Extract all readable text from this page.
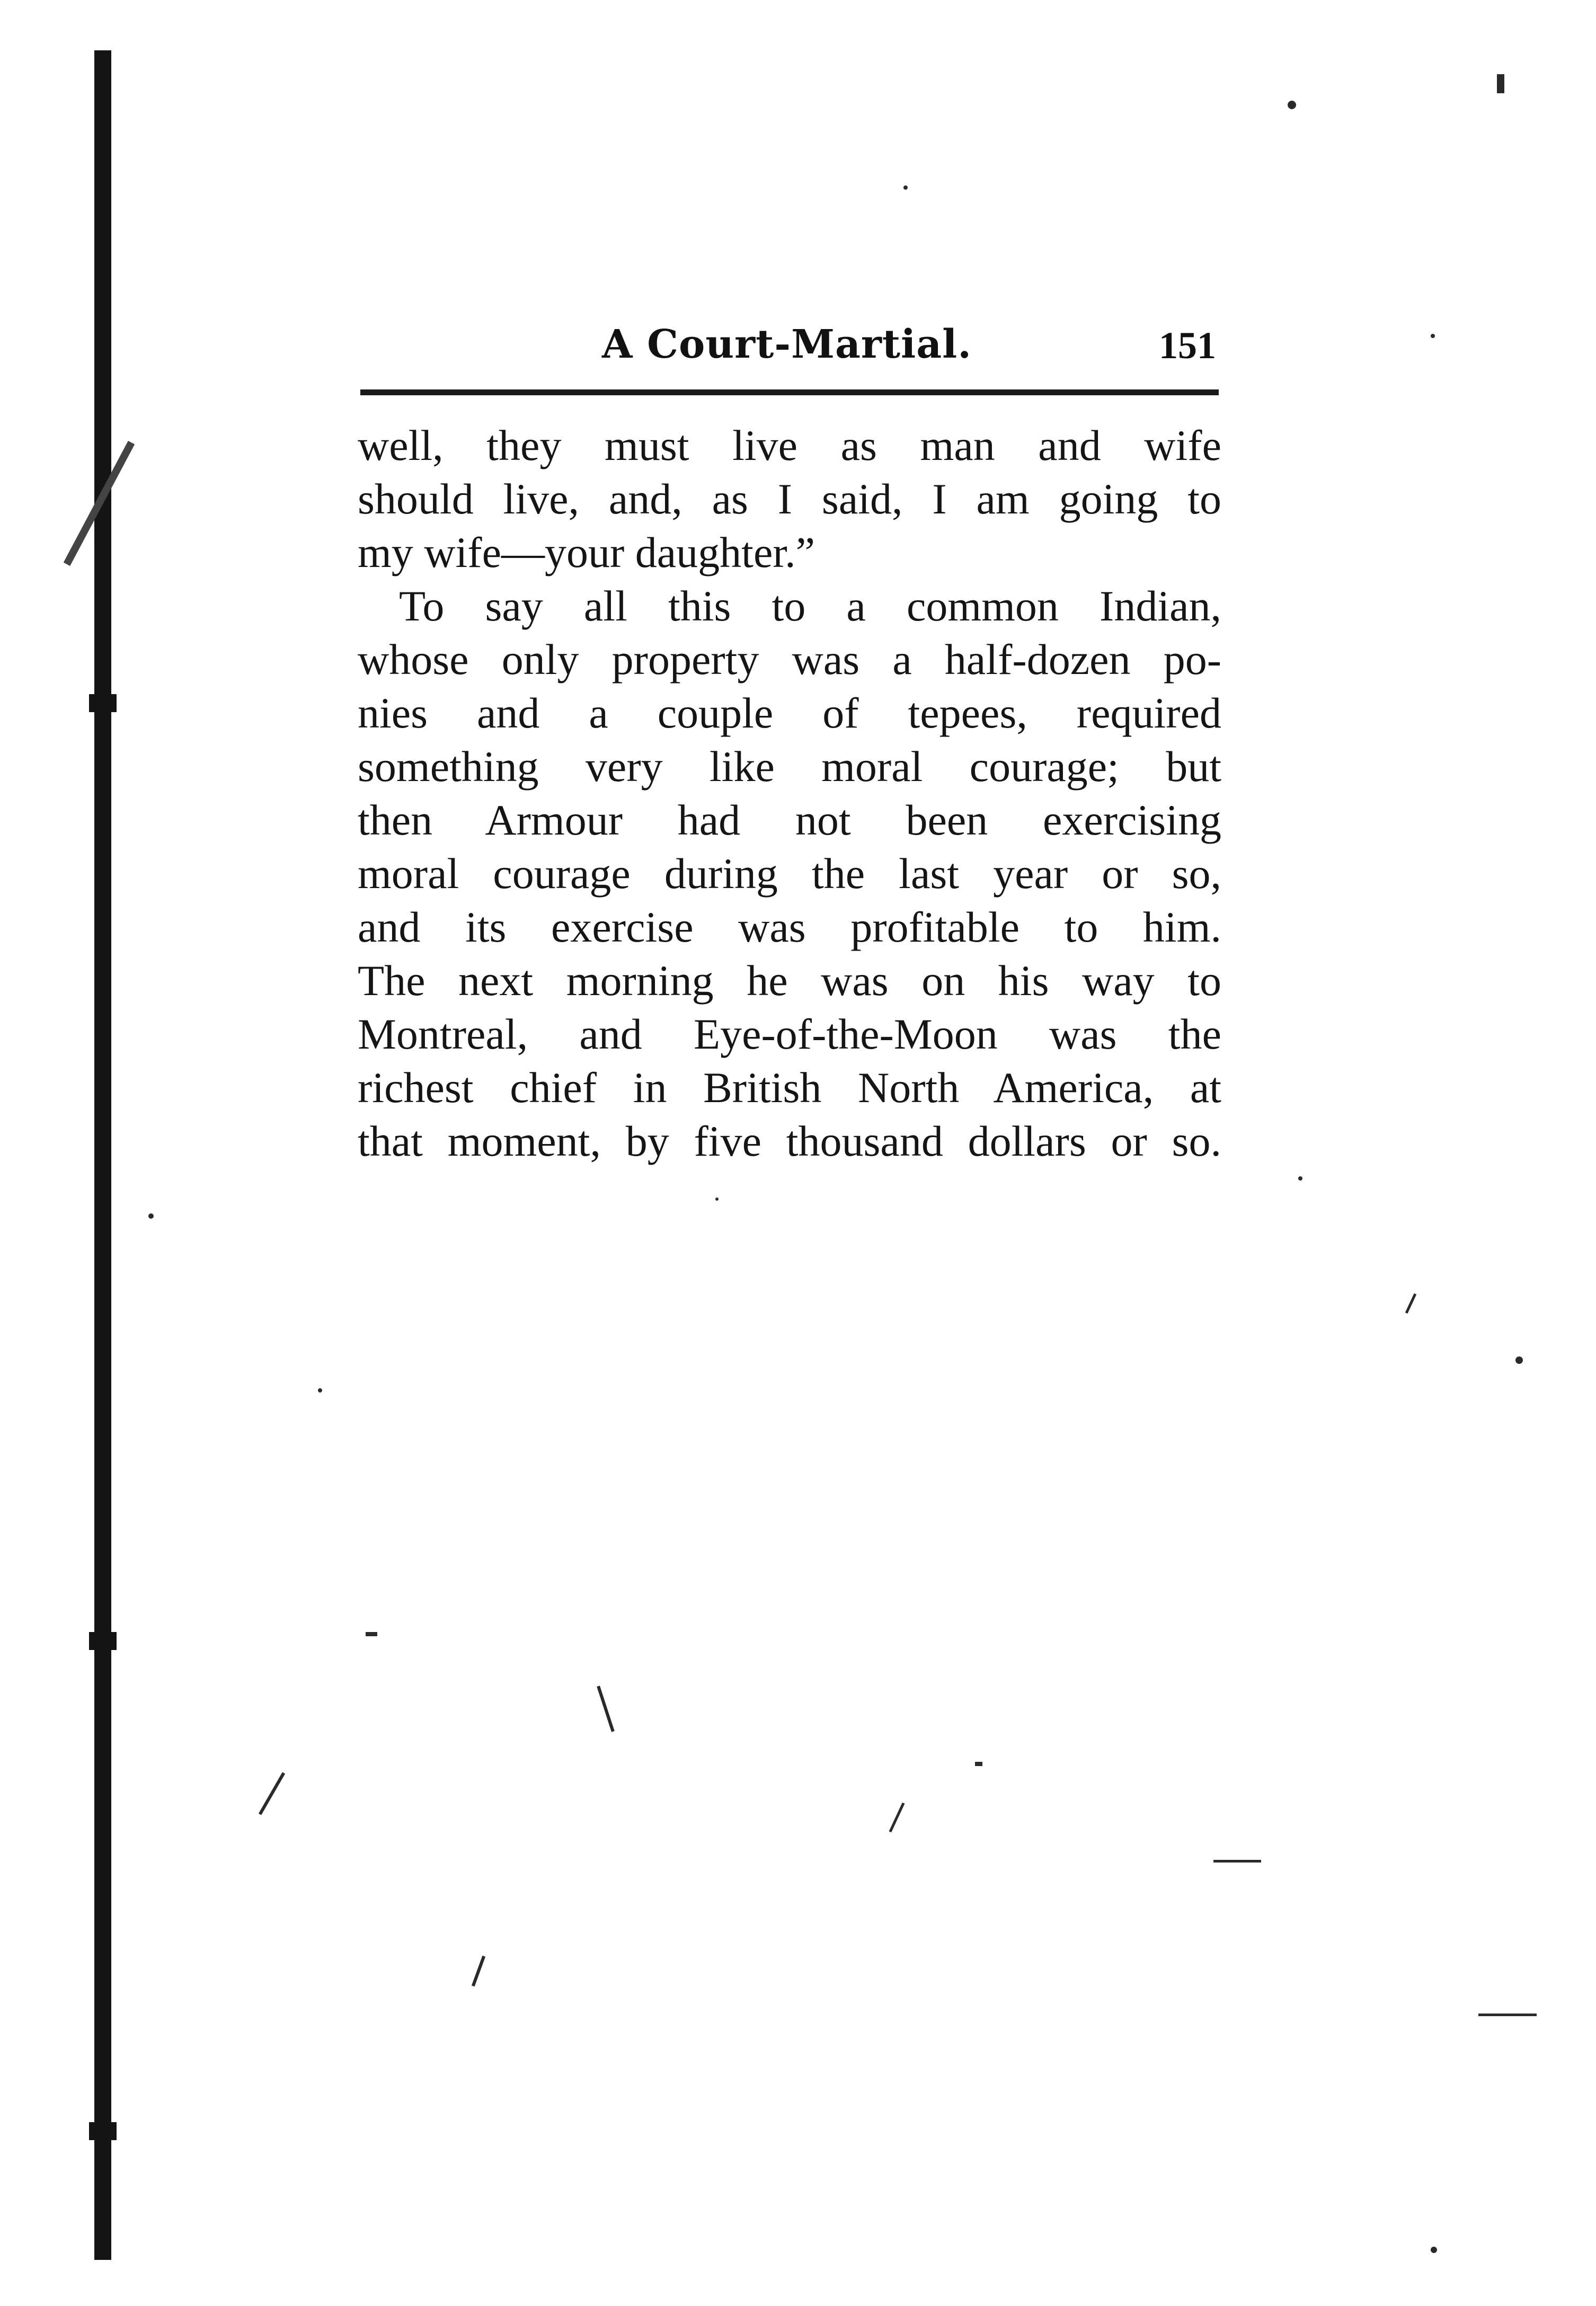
A Court-Martial.	151
well, they must live as man and wife
should live, and, as I said, I am going to
my wife—your daughter.”
To say all this to a common Indian,
whose only property was a half-dozen po-
nies and a couple of tepees, required
something very like moral courage; but
then Armour had not been exercising
moral courage during the last year or so,
and its exercise was profitable to him.
The next morning he was on his way to
Montreal, and Eye-of-the-Moon was the
richest chief in British North America, at
that moment, by five thousand dollars or so.
